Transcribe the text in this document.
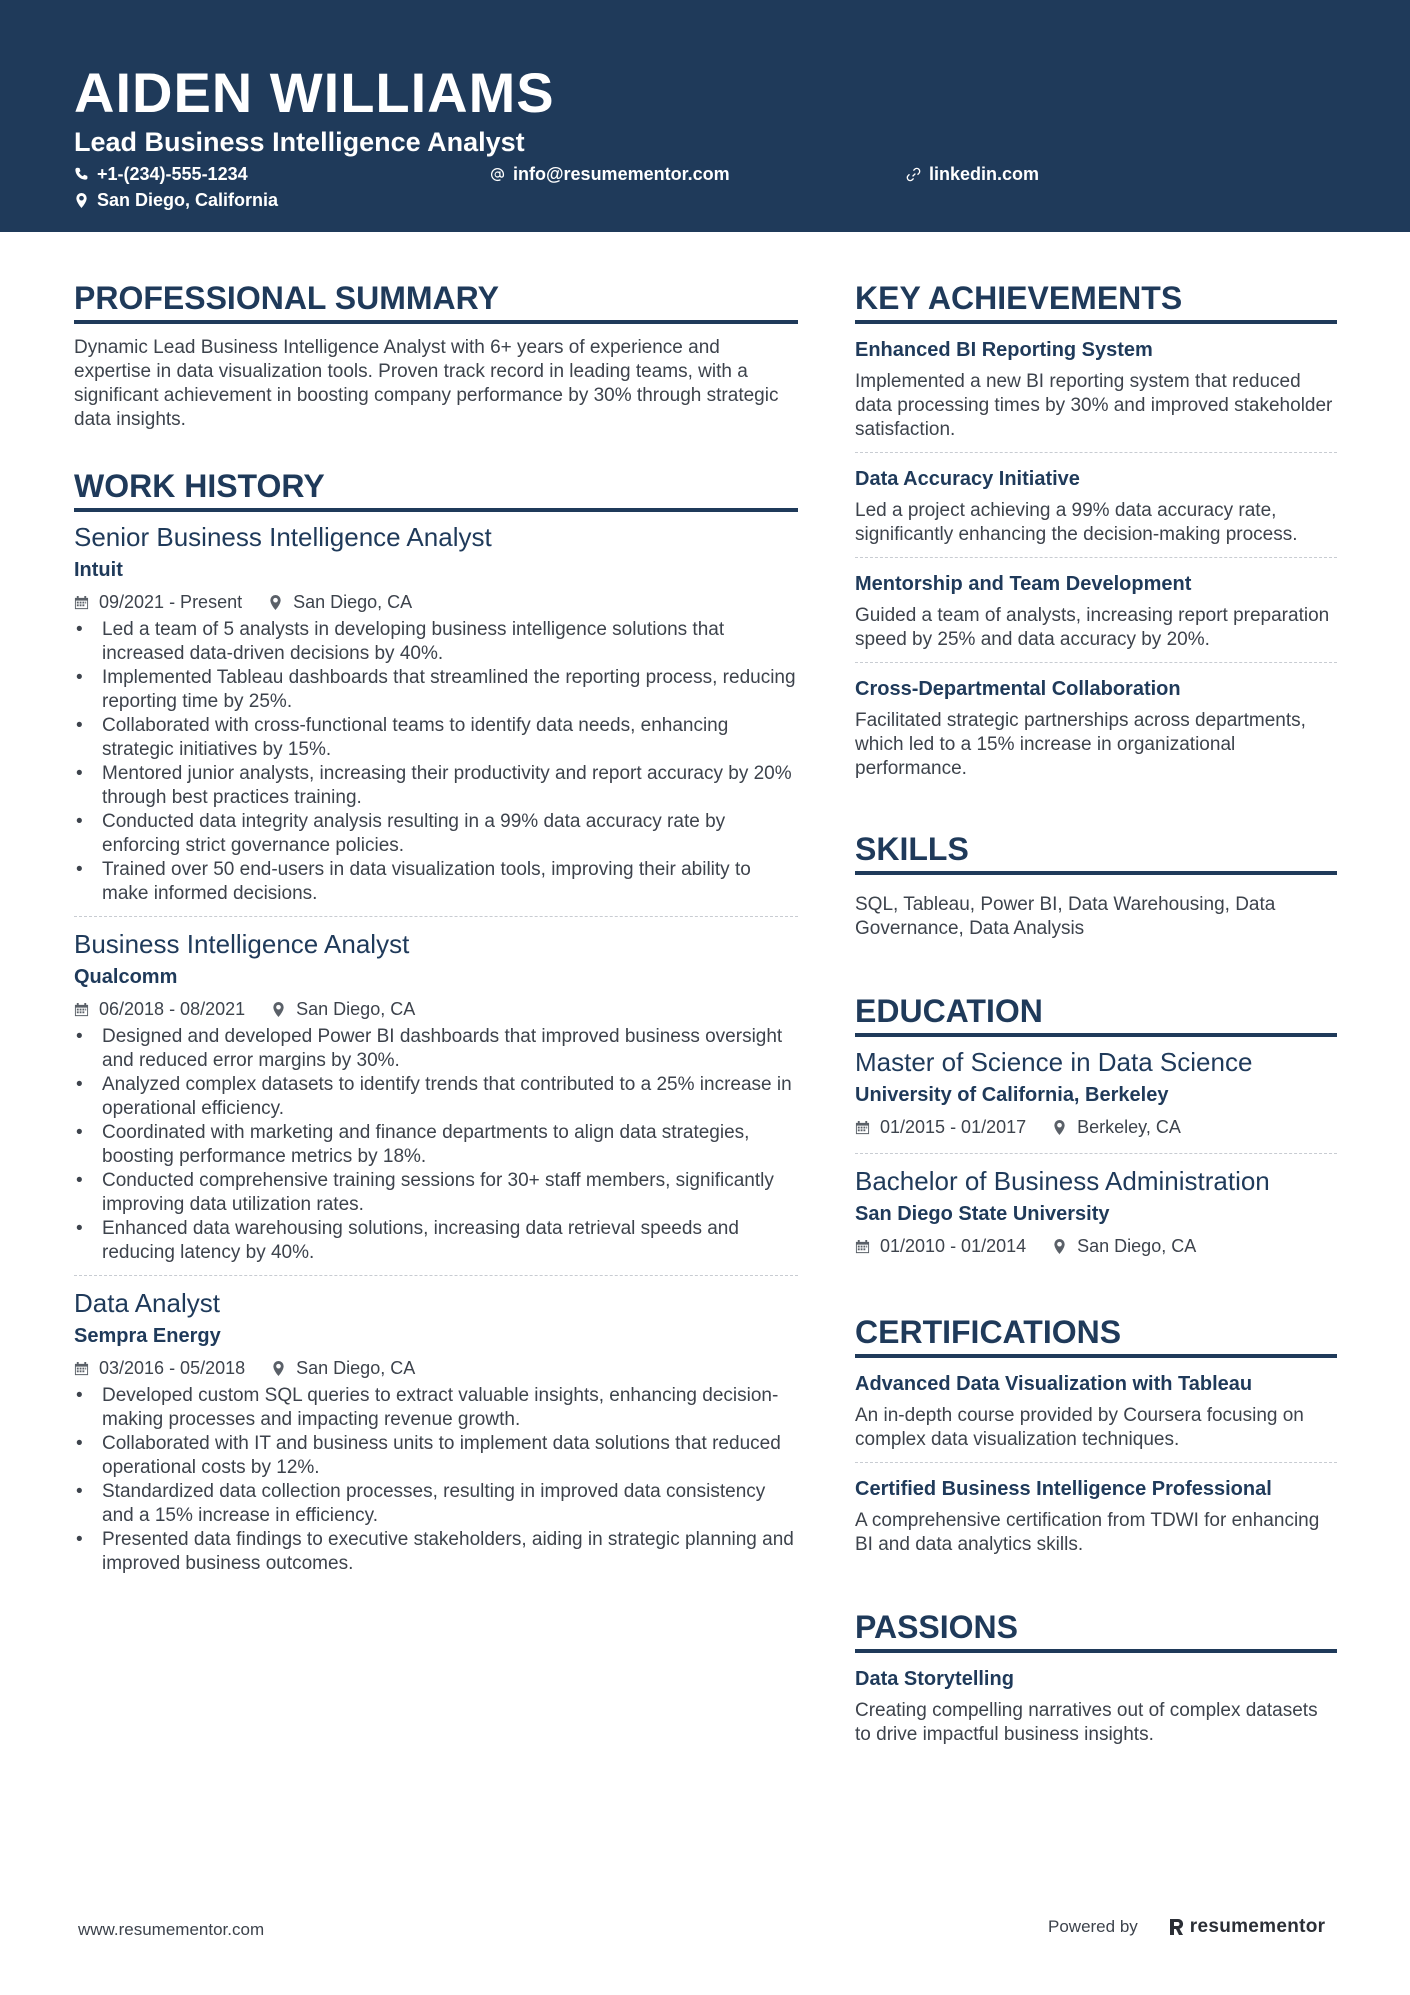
AIDEN WILLIAMS
Lead Business Intelligence Analyst
+1-(234)-555-1234	info@resumementor.com	linkedin.com
San Diego, California
PROFESSIONAL SUMMARY
Dynamic Lead Business Intelligence Analyst with 6+ years of experience and expertise in data visualization tools. Proven track record in leading teams, with a significant achievement in boosting company performance by 30% through strategic data insights.
WORK HISTORY
Senior Business Intelligence Analyst
Intuit
09/2021 - Present	San Diego, CA
• Led a team of 5 analysts in developing business intelligence solutions that increased data-driven decisions by 40%.
• Implemented Tableau dashboards that streamlined the reporting process, reducing reporting time by 25%.
• Collaborated with cross-functional teams to identify data needs, enhancing strategic initiatives by 15%.
• Mentored junior analysts, increasing their productivity and report accuracy by 20% through best practices training.
• Conducted data integrity analysis resulting in a 99% data accuracy rate by enforcing strict governance policies.
• Trained over 50 end-users in data visualization tools, improving their ability to make informed decisions.
Business Intelligence Analyst
Qualcomm
06/2018 - 08/2021	San Diego, CA
• Designed and developed Power BI dashboards that improved business oversight and reduced error margins by 30%.
• Analyzed complex datasets to identify trends that contributed to a 25% increase in operational efficiency.
• Coordinated with marketing and finance departments to align data strategies, boosting performance metrics by 18%.
• Conducted comprehensive training sessions for 30+ staff members, significantly improving data utilization rates.
• Enhanced data warehousing solutions, increasing data retrieval speeds and reducing latency by 40%.
Data Analyst
Sempra Energy
03/2016 - 05/2018	San Diego, CA
• Developed custom SQL queries to extract valuable insights, enhancing decision-making processes and impacting revenue growth.
• Collaborated with IT and business units to implement data solutions that reduced operational costs by 12%.
• Standardized data collection processes, resulting in improved data consistency and a 15% increase in efficiency.
• Presented data findings to executive stakeholders, aiding in strategic planning and improved business outcomes.
KEY ACHIEVEMENTS
Enhanced BI Reporting System
Implemented a new BI reporting system that reduced data processing times by 30% and improved stakeholder satisfaction.
Data Accuracy Initiative
Led a project achieving a 99% data accuracy rate, significantly enhancing the decision-making process.
Mentorship and Team Development
Guided a team of analysts, increasing report preparation speed by 25% and data accuracy by 20%.
Cross-Departmental Collaboration
Facilitated strategic partnerships across departments, which led to a 15% increase in organizational performance.
SKILLS
SQL, Tableau, Power BI, Data Warehousing, Data Governance, Data Analysis
EDUCATION
Master of Science in Data Science
University of California, Berkeley
01/2015 - 01/2017	Berkeley, CA
Bachelor of Business Administration
San Diego State University
01/2010 - 01/2014	San Diego, CA
CERTIFICATIONS
Advanced Data Visualization with Tableau
An in-depth course provided by Coursera focusing on complex data visualization techniques.
Certified Business Intelligence Professional
A comprehensive certification from TDWI for enhancing BI and data analytics skills.
PASSIONS
Data Storytelling
Creating compelling narratives out of complex datasets to drive impactful business insights.
www.resumementor.com	Powered by	resumementor
